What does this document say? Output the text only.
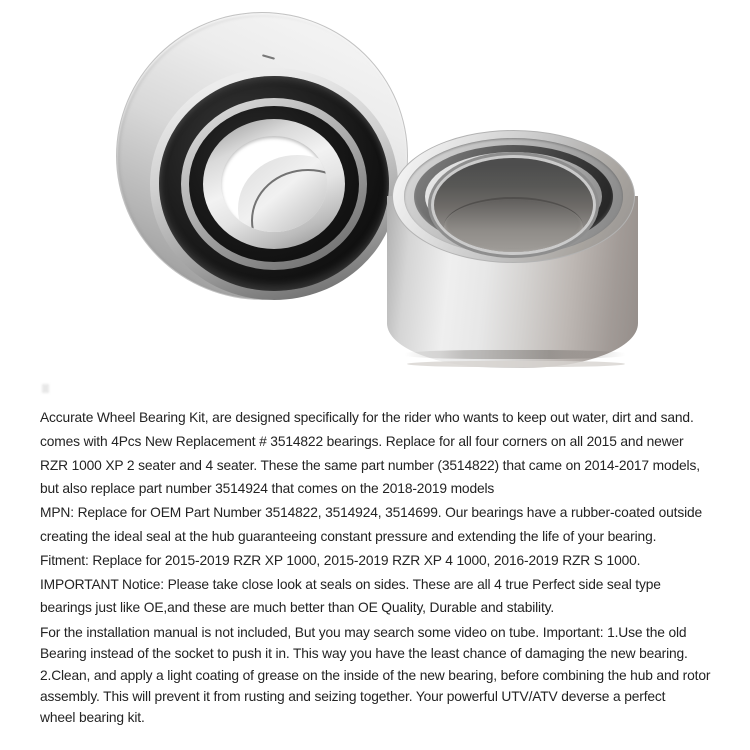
Accurate Wheel Bearing Kit, are designed specifically for the rider who wants to keep out water, dirt and sand.
comes with 4Pcs New Replacement # 3514822 bearings. Replace for all four corners on all 2015 and newer
RZR 1000 XP 2 seater and 4 seater. These the same part number (3514822) that came on 2014-2017 models,
but also replace part number 3514924 that comes on the 2018-2019 models
MPN: Replace for OEM Part Number 3514822, 3514924, 3514699. Our bearings have a rubber-coated outside
creating the ideal seal at the hub guaranteeing constant pressure and extending the life of your bearing.
Fitment: Replace for 2015-2019 RZR XP 1000, 2015-2019 RZR XP 4 1000, 2016-2019 RZR S 1000.
IMPORTANT Notice: Please take close look at seals on sides. These are all 4 true Perfect side seal type
bearings just like OE,and these are much better than OE Quality, Durable and stability.
For the installation manual is not included, But you may search some video on tube. Important: 1.Use the old
Bearing instead of the socket to push it in. This way you have the least chance of damaging the new bearing.
2.Clean, and apply a light coating of grease on the inside of the new bearing, before combining the hub and rotor
assembly. This will prevent it from rusting and seizing together. Your powerful UTV/ATV deverse a perfect
wheel bearing kit.
